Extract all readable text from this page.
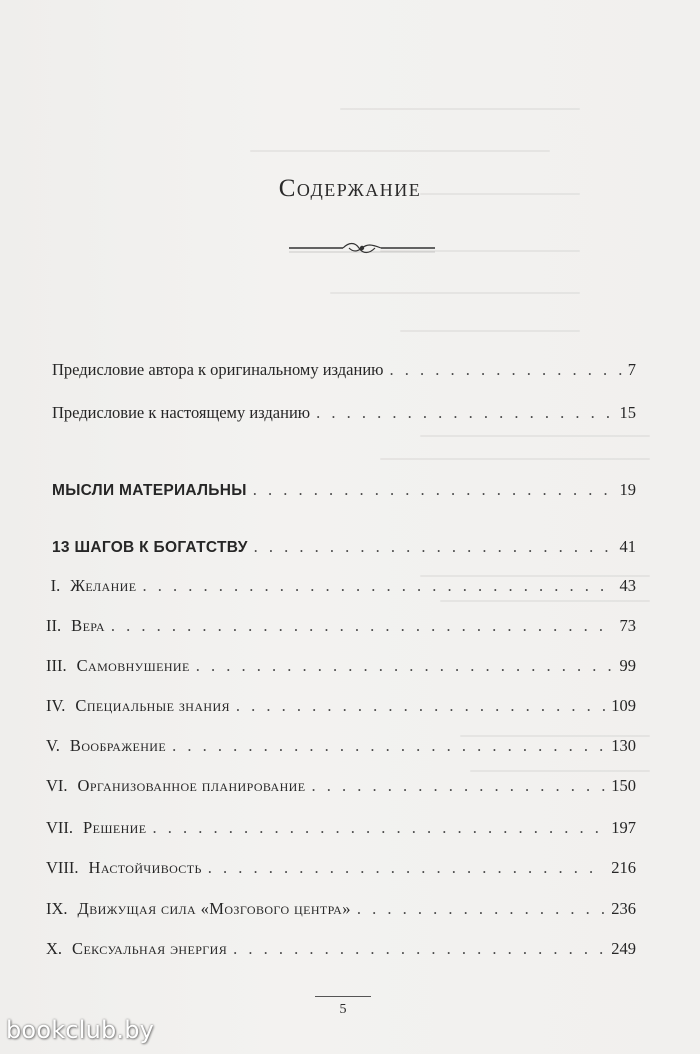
Содержание
Предисловие автора к оригинальному изданию . . .	7
Предисловие к настоящему изданию . . .	15
МЫСЛИ МАТЕРИАЛЬНЫ . . .	19
13 ШАГОВ К БОГАТСТВУ . . .	41
I. Желание . . .	43
II. Вера . . .	73
III. Самовнушение . . .	99
IV. Специальные знания . . .	109
V. Воображение . . .	130
VI. Организованное планирование . . .	150
VII. Решение . . .	197
VIII. Настойчивость . . .	216
IX. Движущая сила «Мозгового центра» . . .	236
X. Сексуальная энергия . . .	249
5
bookclub.by
